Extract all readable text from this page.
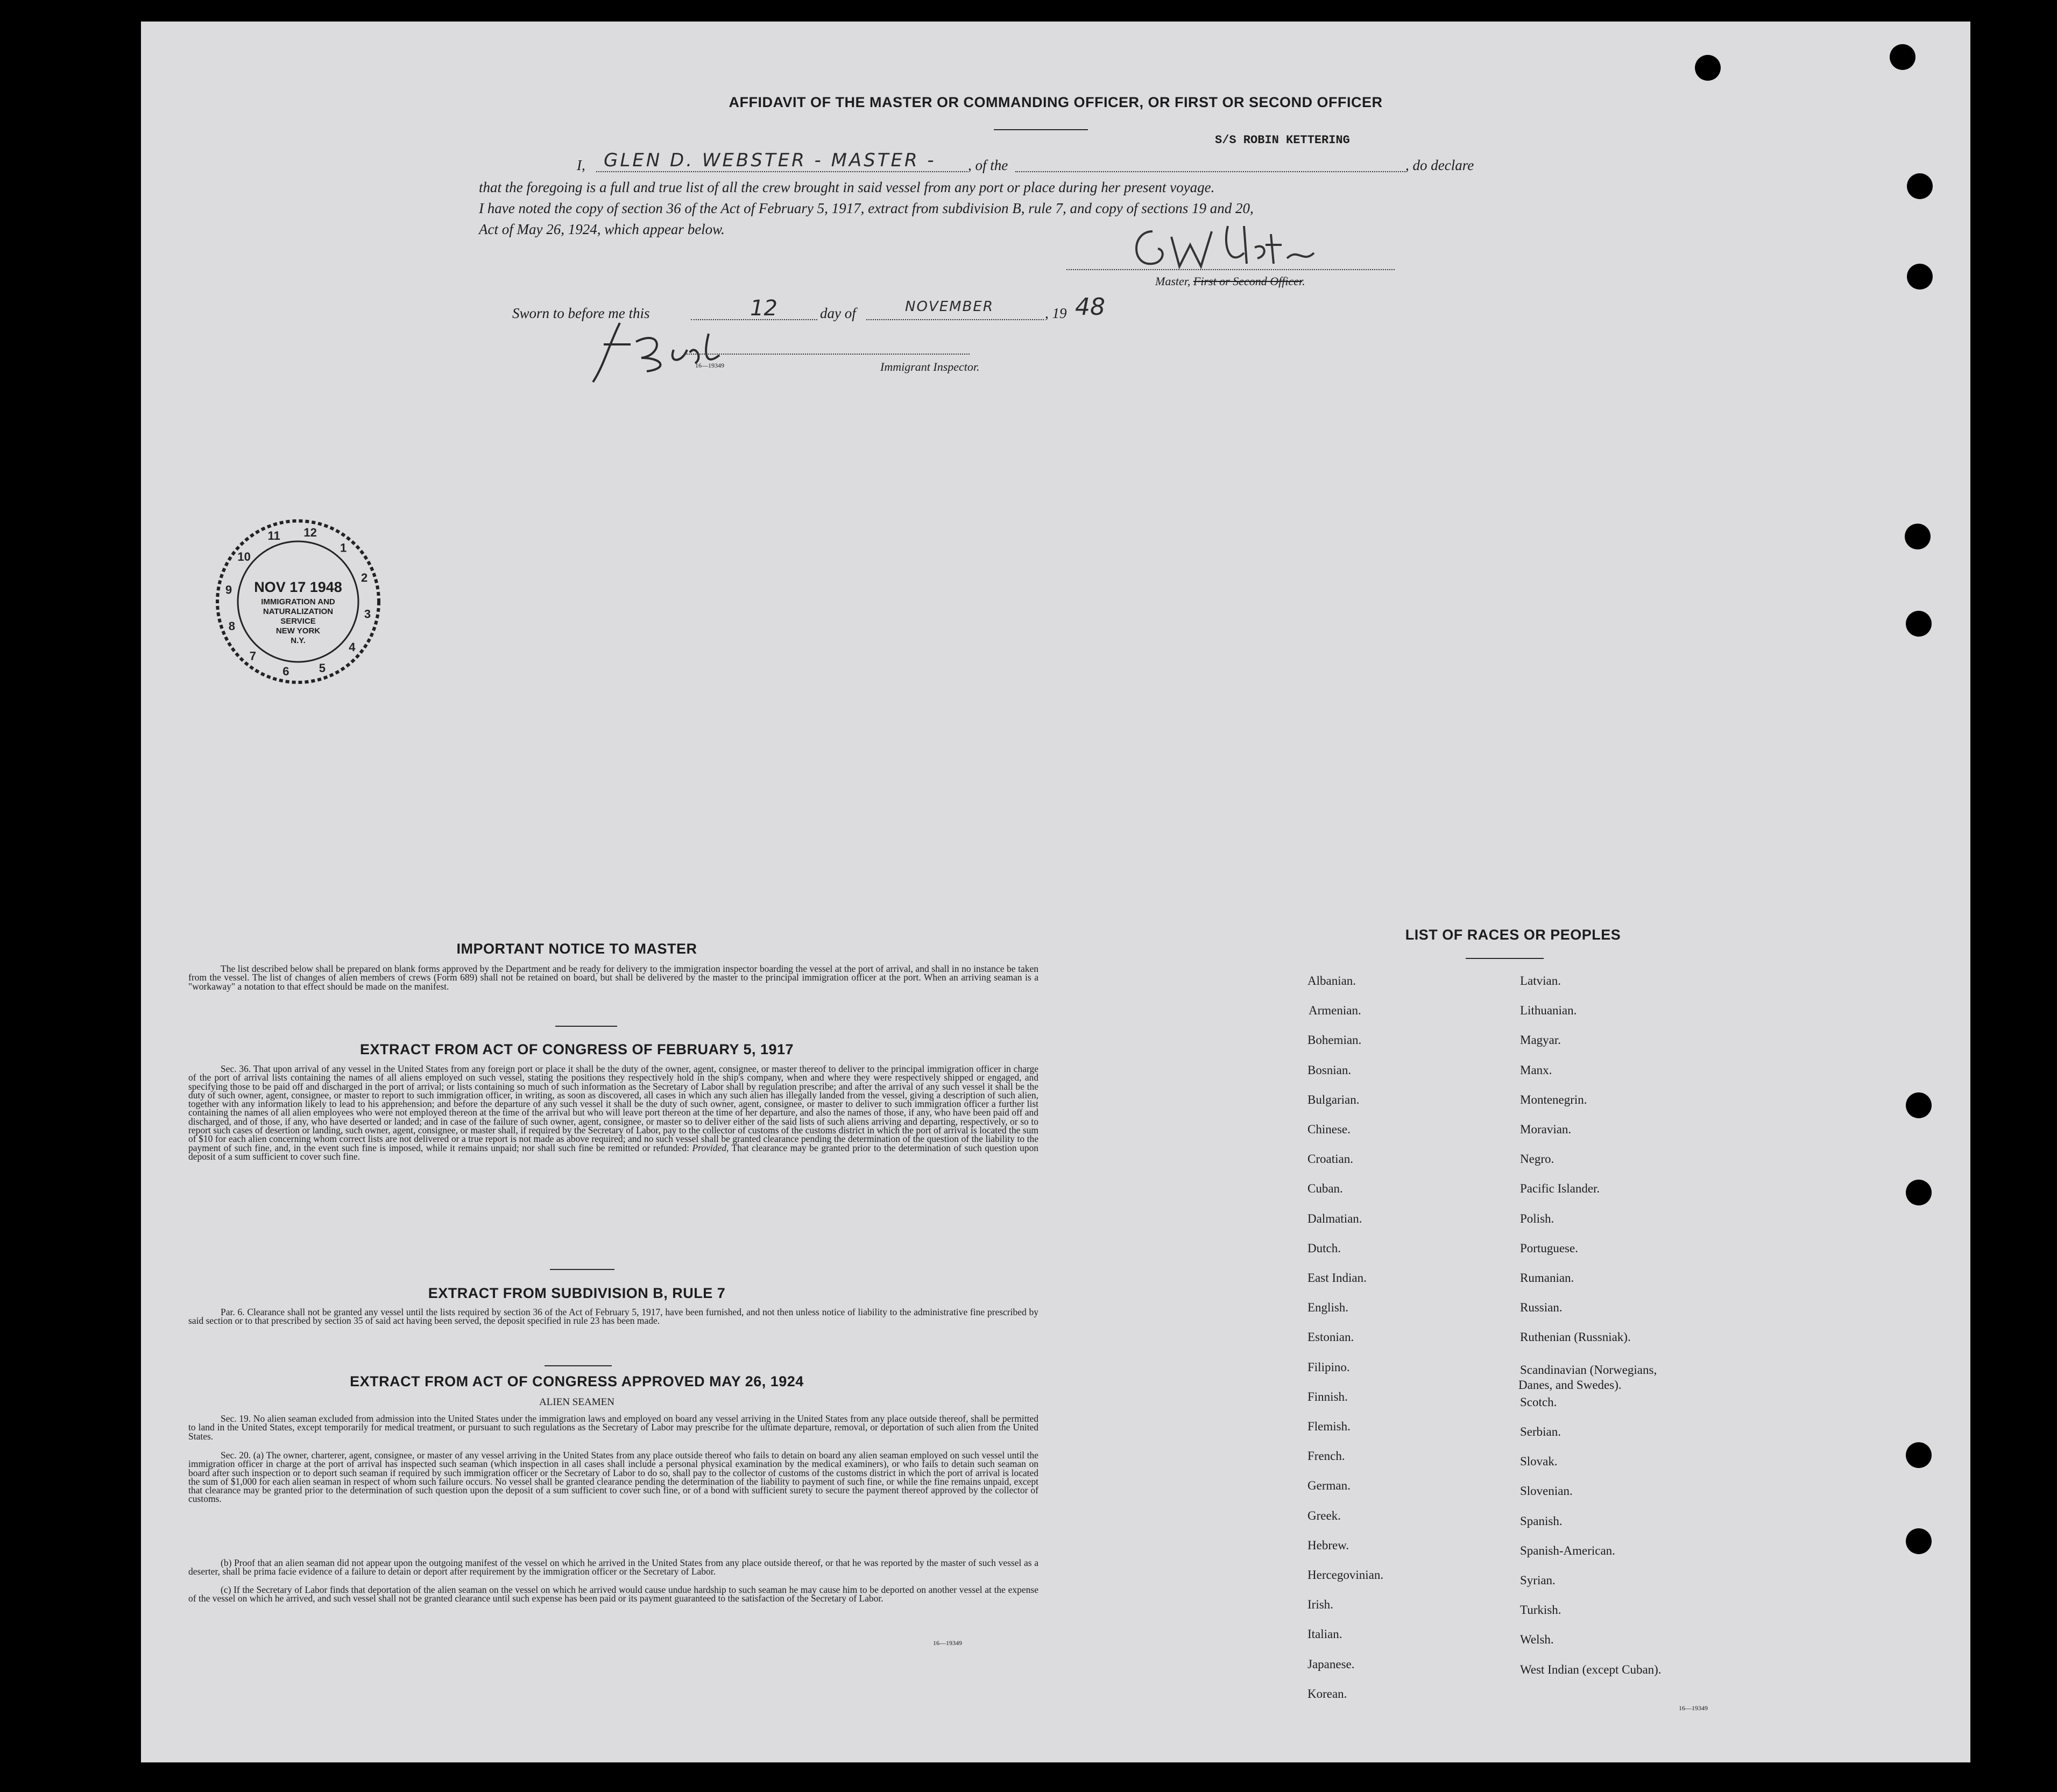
AFFIDAVIT OF THE MASTER OR COMMANDING OFFICER, OR FIRST OR SECOND OFFICER
I, GLEN D. WEBSTER - MASTER - , of the
S/S ROBIN KETTERING
, do declare
that the foregoing is a full and true list of all the crew brought in said vessel from any port or place during her present voyage.
I have noted the copy of section 36 of the Act of February 5, 1917, extract from subdivision B, rule 7, and copy of sections 19 and 20,
Act of May 26, 1924, which appear below.
Master, First or Second Officer.
Sworn to before me this	12	day of	NOVEMBER	, 19 48
16—19349	Immigrant Inspector.
11 12
1
2
3
4
5
6
7
8
9
10
NOV 17 1948
IMMIGRATION AND
NATURALIZATION
SERVICE
NEW YORK
N.Y.
IMPORTANT NOTICE TO MASTER
The list described below shall be prepared on blank forms approved by the Department and be ready for delivery to the immigration inspector boarding the vessel at the port of arrival, and shall in no instance be taken from the vessel. The list of changes of alien members of crews (Form 689) shall not be retained on board, but shall be delivered by the master to the principal immigration officer at the port. When an arriving seaman is a "workaway" a notation to that effect should be made on the manifest.
EXTRACT FROM ACT OF CONGRESS OF FEBRUARY 5, 1917
Sec. 36. That upon arrival of any vessel in the United States from any foreign port or place it shall be the duty of the owner, agent, consignee, or master thereof to deliver to the principal immigration officer in charge of the port of arrival lists containing the names of all aliens employed on such vessel, stating the positions they respectively hold in the ship's company, when and where they were respectively shipped or engaged, and specifying those to be paid off and discharged in the port of arrival; or lists containing so much of such information as the Secretary of Labor shall by regulation prescribe; and after the arrival of any such vessel it shall be the duty of such owner, agent, consignee, or master to report to such immigration officer, in writing, as soon as discovered, all cases in which any such alien has illegally landed from the vessel, giving a description of such alien, together with any information likely to lead to his apprehension; and before the departure of any such vessel it shall be the duty of such owner, agent, consignee, or master to deliver to such immigration officer a further list containing the names of all alien employees who were not employed thereon at the time of the arrival but who will leave port thereon at the time of her departure, and also the names of those, if any, who have been paid off and discharged, and of those, if any, who have deserted or landed; and in case of the failure of such owner, agent, consignee, or master so to deliver either of the said lists of such aliens arriving and departing, respectively, or so to report such cases of desertion or landing, such owner, agent, consignee, or master shall, if required by the Secretary of Labor, pay to the collector of customs of the customs district in which the port of arrival is located the sum of $10 for each alien concerning whom correct lists are not delivered or a true report is not made as above required; and no such vessel shall be granted clearance pending the determination of the question of the liability to the payment of such fine, and, in the event such fine is imposed, while it remains unpaid; nor shall such fine be remitted or refunded: Provided, That clearance may be granted prior to the determination of such question upon deposit of a sum sufficient to cover such fine.
EXTRACT FROM SUBDIVISION B, RULE 7
Par. 6. Clearance shall not be granted any vessel until the lists required by section 36 of the Act of February 5, 1917, have been furnished, and not then unless notice of liability to the administrative fine prescribed by said section or to that prescribed by section 35 of said act having been served, the deposit specified in rule 23 has been made.
EXTRACT FROM ACT OF CONGRESS APPROVED MAY 26, 1924
ALIEN SEAMEN
Sec. 19. No alien seaman excluded from admission into the United States under the immigration laws and employed on board any vessel arriving in the United States from any place outside thereof, shall be permitted to land in the United States, except temporarily for medical treatment, or pursuant to such regulations as the Secretary of Labor may prescribe for the ultimate departure, removal, or deportation of such alien from the United States.
Sec. 20. (a) The owner, charterer, agent, consignee, or master of any vessel arriving in the United States from any place outside thereof who fails to detain on board any alien seaman employed on such vessel until the immigration officer in charge at the port of arrival has inspected such seaman (which inspection in all cases shall include a personal physical examination by the medical examiners), or who fails to detain such seaman on board after such inspection or to deport such seaman if required by such immigration officer or the Secretary of Labor to do so, shall pay to the collector of customs of the customs district in which the port of arrival is located the sum of $1,000 for each alien seaman in respect of whom such failure occurs. No vessel shall be granted clearance pending the determination of the liability to payment of such fine, or while the fine remains unpaid, except that clearance may be granted prior to the determination of such question upon the deposit of a sum sufficient to cover such fine, or of a bond with sufficient surety to secure the payment thereof approved by the collector of customs.
(b) Proof that an alien seaman did not appear upon the outgoing manifest of the vessel on which he arrived in the United States from any place outside thereof, or that he was reported by the master of such vessel as a deserter, shall be prima facie evidence of a failure to detain or deport after requirement by the immigration officer or the Secretary of Labor.
(c) If the Secretary of Labor finds that deportation of the alien seaman on the vessel on which he arrived would cause undue hardship to such seaman he may cause him to be deported on another vessel at the expense of the vessel on which he arrived, and such vessel shall not be granted clearance until such expense has been paid or its payment guaranteed to the satisfaction of the Secretary of Labor.
16—19349
LIST OF RACES OR PEOPLES
16—19349
Albanian.
Armenian.
Bohemian.
Bosnian.
Bulgarian.
Chinese.
Croatian.
Cuban.
Dalmatian.
Dutch.
East Indian.
English.
Estonian.
Filipino.
Finnish.
Flemish.
French.
German.
Greek.
Hebrew.
Hercegovinian.
Irish.
Italian.
Japanese.
Korean.
Latvian.
Lithuanian.
Magyar.
Manx.
Montenegrin.
Moravian.
Negro.
Pacific Islander.
Polish.
Portuguese.
Rumanian.
Russian.
Ruthenian (Russniak).
Scandinavian (Norwegians,
Danes, and Swedes).
Scotch.
Serbian.
Slovak.
Slovenian.
Spanish.
Spanish-American.
Syrian.
Turkish.
Welsh.
West Indian (except Cuban).
